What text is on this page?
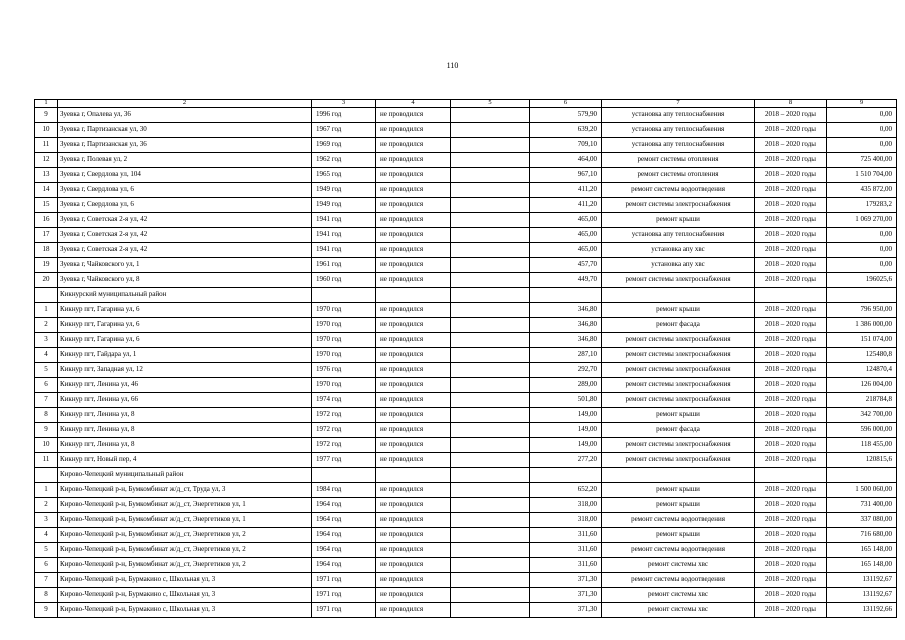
110
1	2	3	4	5	6	7	8	9
9	Зуевка г, Опалева ул, 36	1996 год	не проводился		579,90	установка апу теплоснабжения	2018 – 2020 годы	0,00
10	Зуевка г, Партизанская ул, 30	1967 год	не проводился		639,20	установка апу теплоснабжения	2018 – 2020 годы	0,00
11	Зуевка г, Партизанская ул, 36	1969 год	не проводился		709,10	установка апу теплоснабжения	2018 – 2020 годы	0,00
12	Зуевка г, Полевая ул, 2	1962 год	не проводился		464,00	ремонт системы отопления	2018 – 2020 годы	725 400,00
13	Зуевка г, Свердлова ул, 104	1965 год	не проводился		967,10	ремонт системы отопления	2018 – 2020 годы	1 510 704,00
14	Зуевка г, Свердлова ул, 6	1949 год	не проводился		411,20	ремонт системы водоотведения	2018 – 2020 годы	435 872,00
15	Зуевка г, Свердлова ул, 6	1949 год	не проводился		411,20	ремонт системы электроснабжения	2018 – 2020 годы	179283,2
16	Зуевка г, Советская 2-я ул, 42	1941 год	не проводился		465,00	ремонт крыши	2018 – 2020 годы	1 069 270,00
17	Зуевка г, Советская 2-я ул, 42	1941 год	не проводился		465,00	установка апу теплоснабжения	2018 – 2020 годы	0,00
18	Зуевка г, Советская 2-я ул, 42	1941 год	не проводился		465,00	установка апу хвс	2018 – 2020 годы	0,00
19	Зуевка г, Чайковского ул, 1	1961 год	не проводился		457,70	установка апу хвс	2018 – 2020 годы	0,00
20	Зуевка г, Чайковского ул, 8	1960 год	не проводился		449,70	ремонт системы электроснабжения	2018 – 2020 годы	196025,6
	Кикнурский муниципальный район							
1	Кикнур пгт, Гагарина ул, 6	1970 год	не проводился		346,80	ремонт крыши	2018 – 2020 годы	796 950,00
2	Кикнур пгт, Гагарина ул, 6	1970 год	не проводился		346,80	ремонт фасада	2018 – 2020 годы	1 386 000,00
3	Кикнур пгт, Гагарина ул, 6	1970 год	не проводился		346,80	ремонт системы электроснабжения	2018 – 2020 годы	151 074,00
4	Кикнур пгт, Гайдара ул, 1	1970 год	не проводился		287,10	ремонт системы электроснабжения	2018 – 2020 годы	125480,8
5	Кикнур пгт, Западная ул, 12	1976 год	не проводился		292,70	ремонт системы электроснабжения	2018 – 2020 годы	124870,4
6	Кикнур пгт, Ленина ул, 46	1970 год	не проводился		289,00	ремонт системы электроснабжения	2018 – 2020 годы	126 004,00
7	Кикнур пгт, Ленина ул, 66	1974 год	не проводился		501,80	ремонт системы электроснабжения	2018 – 2020 годы	218784,8
8	Кикнур пгт, Ленина ул, 8	1972 год	не проводился		149,00	ремонт крыши	2018 – 2020 годы	342 700,00
9	Кикнур пгт, Ленина ул, 8	1972 год	не проводился		149,00	ремонт фасада	2018 – 2020 годы	596 000,00
10	Кикнур пгт, Ленина ул, 8	1972 год	не проводился		149,00	ремонт системы электроснабжения	2018 – 2020 годы	118 455,00
11	Кикнур пгт, Новый пер, 4	1977 год	не проводился		277,20	ремонт системы электроснабжения	2018 – 2020 годы	120815,6
	Кирово-Чепецкий муниципальный район							
1	Кирово-Чепецкий р-н, Бумкомбинат ж/д_ст, Труда ул, 3	1984 год	не проводился		652,20	ремонт крыши	2018 – 2020 годы	1 500 060,00
2	Кирово-Чепецкий р-н, Бумкомбинат ж/д_ст, Энергетиков ул, 1	1964 год	не проводился		318,00	ремонт крыши	2018 – 2020 годы	731 400,00
3	Кирово-Чепецкий р-н, Бумкомбинат ж/д_ст, Энергетиков ул, 1	1964 год	не проводился		318,00	ремонт системы водоотведения	2018 – 2020 годы	337 080,00
4	Кирово-Чепецкий р-н, Бумкомбинат ж/д_ст, Энергетиков ул, 2	1964 год	не проводился		311,60	ремонт крыши	2018 – 2020 годы	716 680,00
5	Кирово-Чепецкий р-н, Бумкомбинат ж/д_ст, Энергетиков ул, 2	1964 год	не проводился		311,60	ремонт системы водоотведения	2018 – 2020 годы	165 148,00
6	Кирово-Чепецкий р-н, Бумкомбинат ж/д_ст, Энергетиков ул, 2	1964 год	не проводился		311,60	ремонт системы хвс	2018 – 2020 годы	165 148,00
7	Кирово-Чепецкий р-н, Бурмакино с, Школьная ул, 3	1971 год	не проводился		371,30	ремонт системы водоотведения	2018 – 2020 годы	131192,67
8	Кирово-Чепецкий р-н, Бурмакино с, Школьная ул, 3	1971 год	не проводился		371,30	ремонт системы хвс	2018 – 2020 годы	131192,67
9	Кирово-Чепецкий р-н, Бурмакино с, Школьная ул, 3	1971 год	не проводился		371,30	ремонт системы хвс	2018 – 2020 годы	131192,66
